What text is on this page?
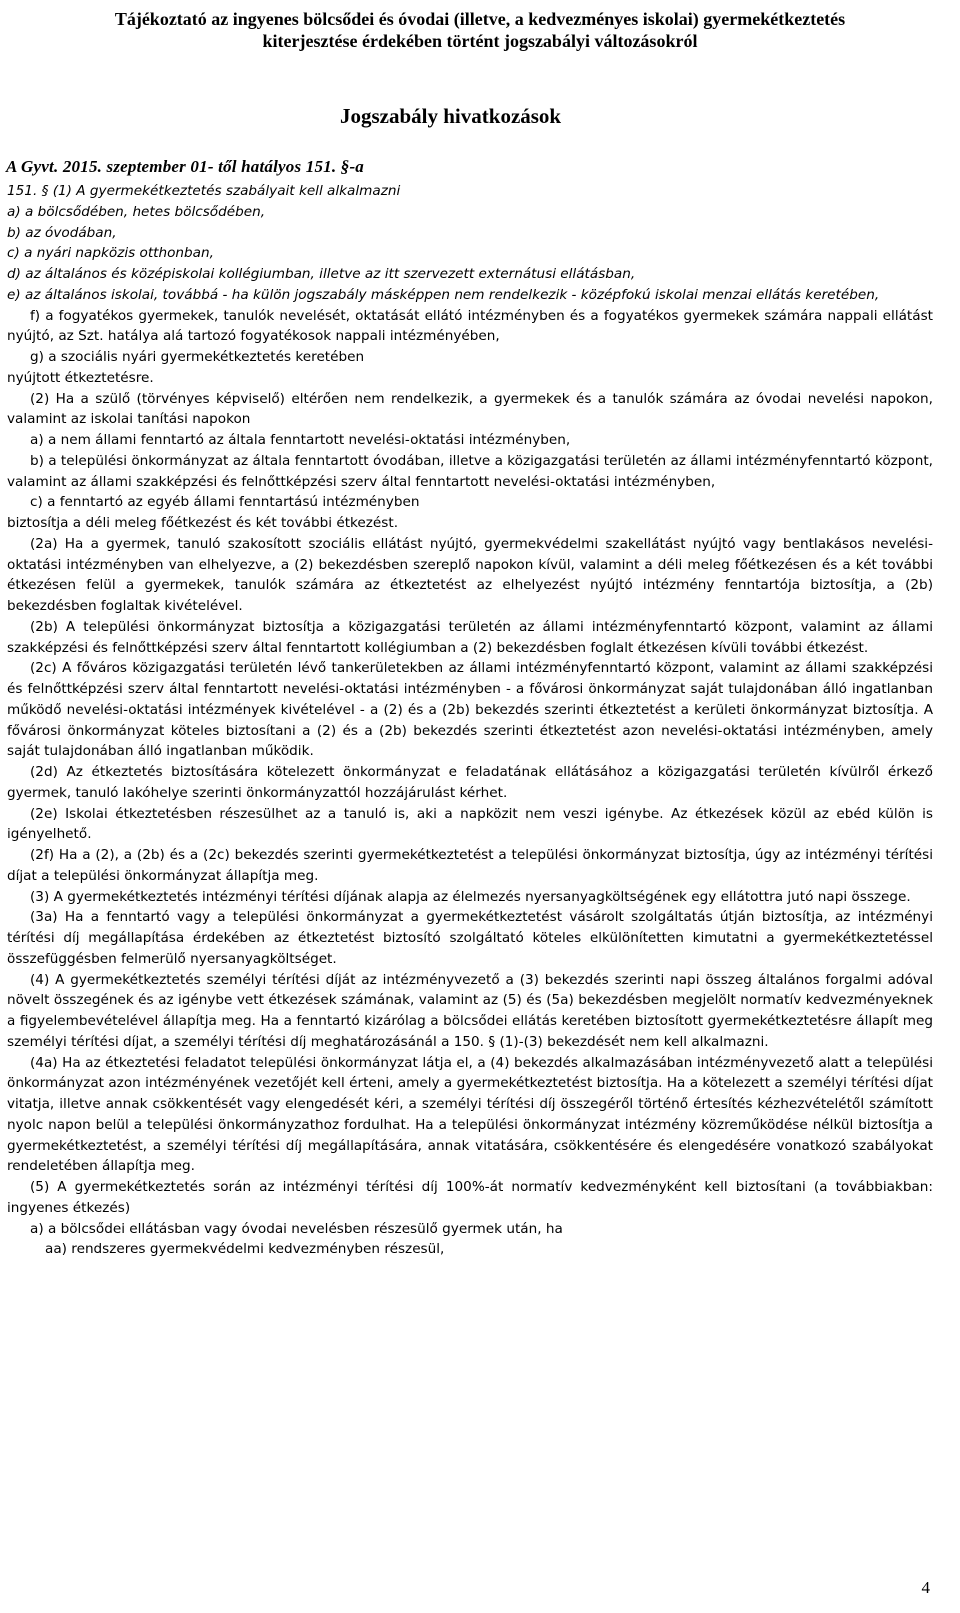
Tájékoztató az ingyenes bölcsődei és óvodai (illetve, a kedvezményes iskolai) gyermekétkeztetés
kiterjesztése érdekében történt jogszabályi változásokról
Jogszabály hivatkozások
A Gyvt. 2015. szeptember 01- től hatályos 151. §-a

151. § (1) A gyermekétkeztetés szabályait kell alkalmazni

a) a bölcsődében, hetes bölcsődében,

b) az óvodában,

c) a nyári napközis otthonban,

d) az általános és középiskolai kollégiumban, illetve az itt szervezett externátusi ellátásban,

e) az általános iskolai, továbbá - ha külön jogszabály másképpen nem rendelkezik - középfokú iskolai menzai ellátás keretében,

f) a fogyatékos gyermekek, tanulók nevelését, oktatását ellátó intézményben és a fogyatékos gyermekek számára nappali ellátást nyújtó, az Szt. hatálya alá tartozó fogyatékosok nappali intézményében,

g) a szociális nyári gyermekétkeztetés keretében

nyújtott étkeztetésre.

(2) Ha a szülő (törvényes képviselő) eltérően nem rendelkezik, a gyermekek és a tanulók számára az óvodai nevelési napokon, valamint az iskolai tanítási napokon

a) a nem állami fenntartó az általa fenntartott nevelési-oktatási intézményben,

b) a települési önkormányzat az általa fenntartott óvodában, illetve a közigazgatási területén az állami intézményfenntartó központ, valamint az állami szakképzési és felnőttképzési szerv által fenntartott nevelési-oktatási intézményben,

c) a fenntartó az egyéb állami fenntartású intézményben

biztosítja a déli meleg főétkezést és két további étkezést.

(2a) Ha a gyermek, tanuló szakosított szociális ellátást nyújtó, gyermekvédelmi szakellátást nyújtó vagy bentlakásos nevelési-oktatási intézményben van elhelyezve, a (2) bekezdésben szereplő napokon kívül, valamint a déli meleg főétkezésen és a két további étkezésen felül a gyermekek, tanulók számára az étkeztetést az elhelyezést nyújtó intézmény fenntartója biztosítja, a (2b) bekezdésben foglaltak kivételével.

(2b) A települési önkormányzat biztosítja a közigazgatási területén az állami intézményfenntartó központ, valamint az állami szakképzési és felnőttképzési szerv által fenntartott kollégiumban a (2) bekezdésben foglalt étkezésen kívüli további étkezést.

(2c) A főváros közigazgatási területén lévő tankerületekben az állami intézményfenntartó központ, valamint az állami szakképzési és felnőttképzési szerv által fenntartott nevelési-oktatási intézményben - a fővárosi önkormányzat saját tulajdonában álló ingatlanban működő nevelési-oktatási intézmények kivételével - a (2) és a (2b) bekezdés szerinti étkeztetést a kerületi önkormányzat biztosítja. A fővárosi önkormányzat köteles biztosítani a (2) és a (2b) bekezdés szerinti étkeztetést azon nevelési-oktatási intézményben, amely saját tulajdonában álló ingatlanban működik.

(2d) Az étkeztetés biztosítására kötelezett önkormányzat e feladatának ellátásához a közigazgatási területén kívülről érkező gyermek, tanuló lakóhelye szerinti önkormányzattól hozzájárulást kérhet.

(2e) Iskolai étkeztetésben részesülhet az a tanuló is, aki a napközit nem veszi igénybe. Az étkezések közül az ebéd külön is igényelhető.

(2f) Ha a (2), a (2b) és a (2c) bekezdés szerinti gyermekétkeztetést a települési önkormányzat biztosítja, úgy az intézményi térítési díjat a települési önkormányzat állapítja meg.

(3) A gyermekétkeztetés intézményi térítési díjának alapja az élelmezés nyersanyagköltségének egy ellátottra jutó napi összege.

(3a) Ha a fenntartó vagy a települési önkormányzat a gyermekétkeztetést vásárolt szolgáltatás útján biztosítja, az intézményi térítési díj megállapítása érdekében az étkeztetést biztosító szolgáltató köteles elkülönítetten kimutatni a gyermekétkeztetéssel összefüggésben felmerülő nyersanyagköltséget.

(4) A gyermekétkeztetés személyi térítési díját az intézményvezető a (3) bekezdés szerinti napi összeg általános forgalmi adóval növelt összegének és az igénybe vett étkezések számának, valamint az (5) és (5a) bekezdésben megjelölt normatív kedvezményeknek a figyelembevételével állapítja meg. Ha a fenntartó kizárólag a bölcsődei ellátás keretében biztosított gyermekétkeztetésre állapít meg személyi térítési díjat, a személyi térítési díj meghatározásánál a 150. § (1)-(3) bekezdését nem kell alkalmazni.

(4a) Ha az étkeztetési feladatot települési önkormányzat látja el, a (4) bekezdés alkalmazásában intézményvezető alatt a települési önkormányzat azon intézményének vezetőjét kell érteni, amely a gyermekétkeztetést biztosítja. Ha a kötelezett a személyi térítési díjat vitatja, illetve annak csökkentését vagy elengedését kéri, a személyi térítési díj összegéről történő értesítés kézhezvételétől számított nyolc napon belül a települési önkormányzathoz fordulhat. Ha a települési önkormányzat intézmény közreműködése nélkül biztosítja a gyermekétkeztetést, a személyi térítési díj megállapítására, annak vitatására, csökkentésére és elengedésére vonatkozó szabályokat rendeletében állapítja meg.

(5) A gyermekétkeztetés során az intézményi térítési díj 100%-át normatív kedvezményként kell biztosítani (a továbbiakban: ingyenes étkezés)

a) a bölcsődei ellátásban vagy óvodai nevelésben részesülő gyermek után, ha

aa) rendszeres gyermekvédelmi kedvezményben részesül,

4
